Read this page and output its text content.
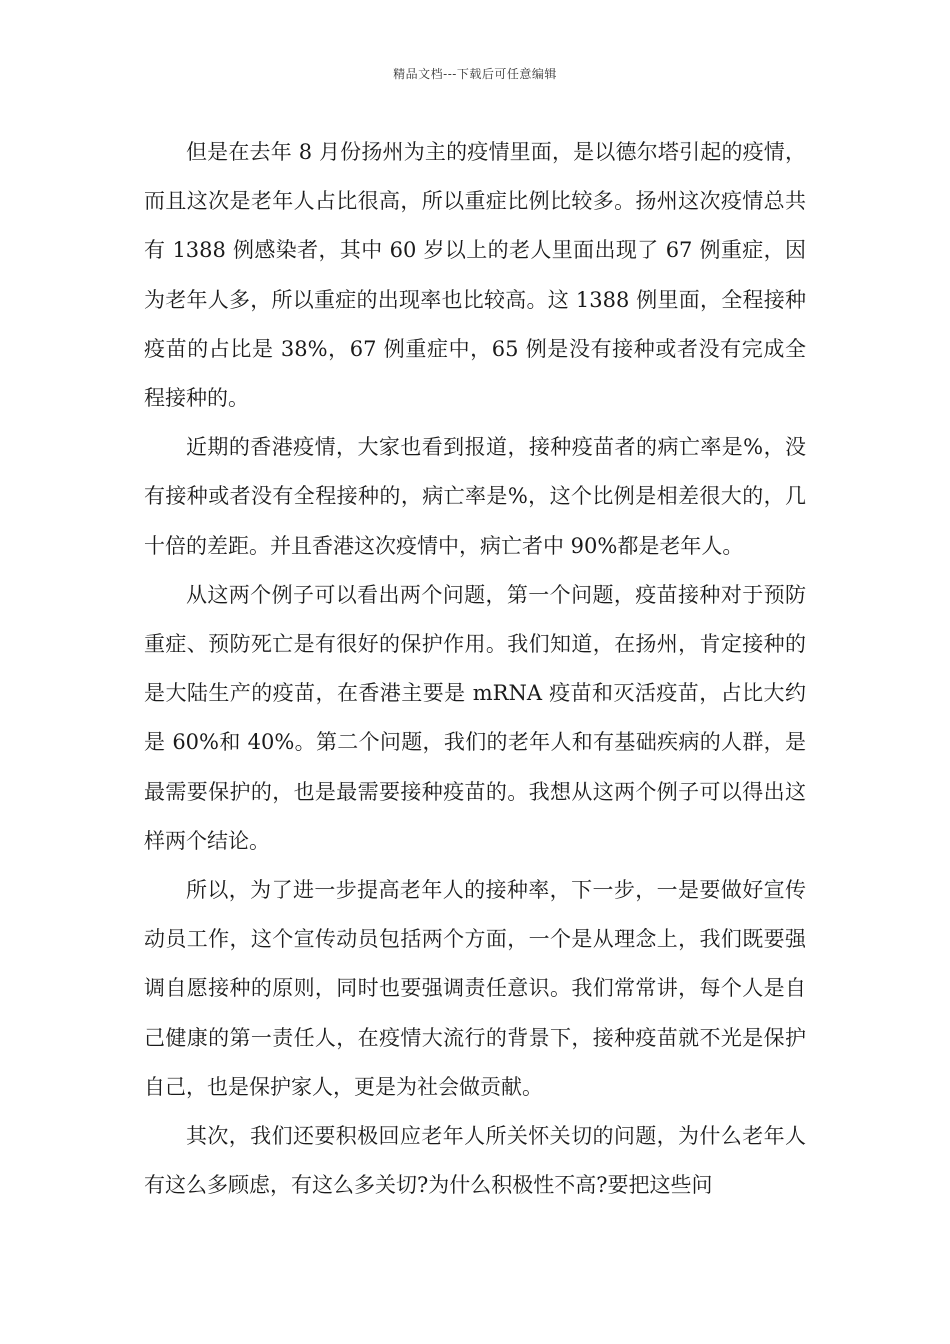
精品文档---下载后可任意编辑

但是在去年 8 月份扬州为主的疫情里面，是以德尔塔引起的疫情，而且这次是老年人占比很高，所以重症比例比较多。扬州这次疫情总共有 1388 例感染者，其中 60 岁以上的老人里面出现了 67 例重症，因为老年人多，所以重症的出现率也比较高。这 1388 例里面，全程接种疫苗的占比是 38%，67 例重症中，65 例是没有接种或者没有完成全程接种的。

近期的香港疫情，大家也看到报道，接种疫苗者的病亡率是%，没有接种或者没有全程接种的，病亡率是%，这个比例是相差很大的，几十倍的差距。并且香港这次疫情中，病亡者中 90%都是老年人。

从这两个例子可以看出两个问题，第一个问题，疫苗接种对于预防重症、预防死亡是有很好的保护作用。我们知道，在扬州，肯定接种的是大陆生产的疫苗，在香港主要是 mRNA 疫苗和灭活疫苗，占比大约是 60%和 40%。第二个问题，我们的老年人和有基础疾病的人群，是最需要保护的，也是最需要接种疫苗的。我想从这两个例子可以得出这样两个结论。

所以，为了进一步提高老年人的接种率，下一步，一是要做好宣传动员工作，这个宣传动员包括两个方面，一个是从理念上，我们既要强调自愿接种的原则，同时也要强调责任意识。我们常常讲，每个人是自己健康的第一责任人，在疫情大流行的背景下，接种疫苗就不光是保护自己，也是保护家人，更是为社会做贡献。

其次，我们还要积极回应老年人所关怀关切的问题，为什么老年人有这么多顾虑，有这么多关切?为什么积极性不高?要把这些问
